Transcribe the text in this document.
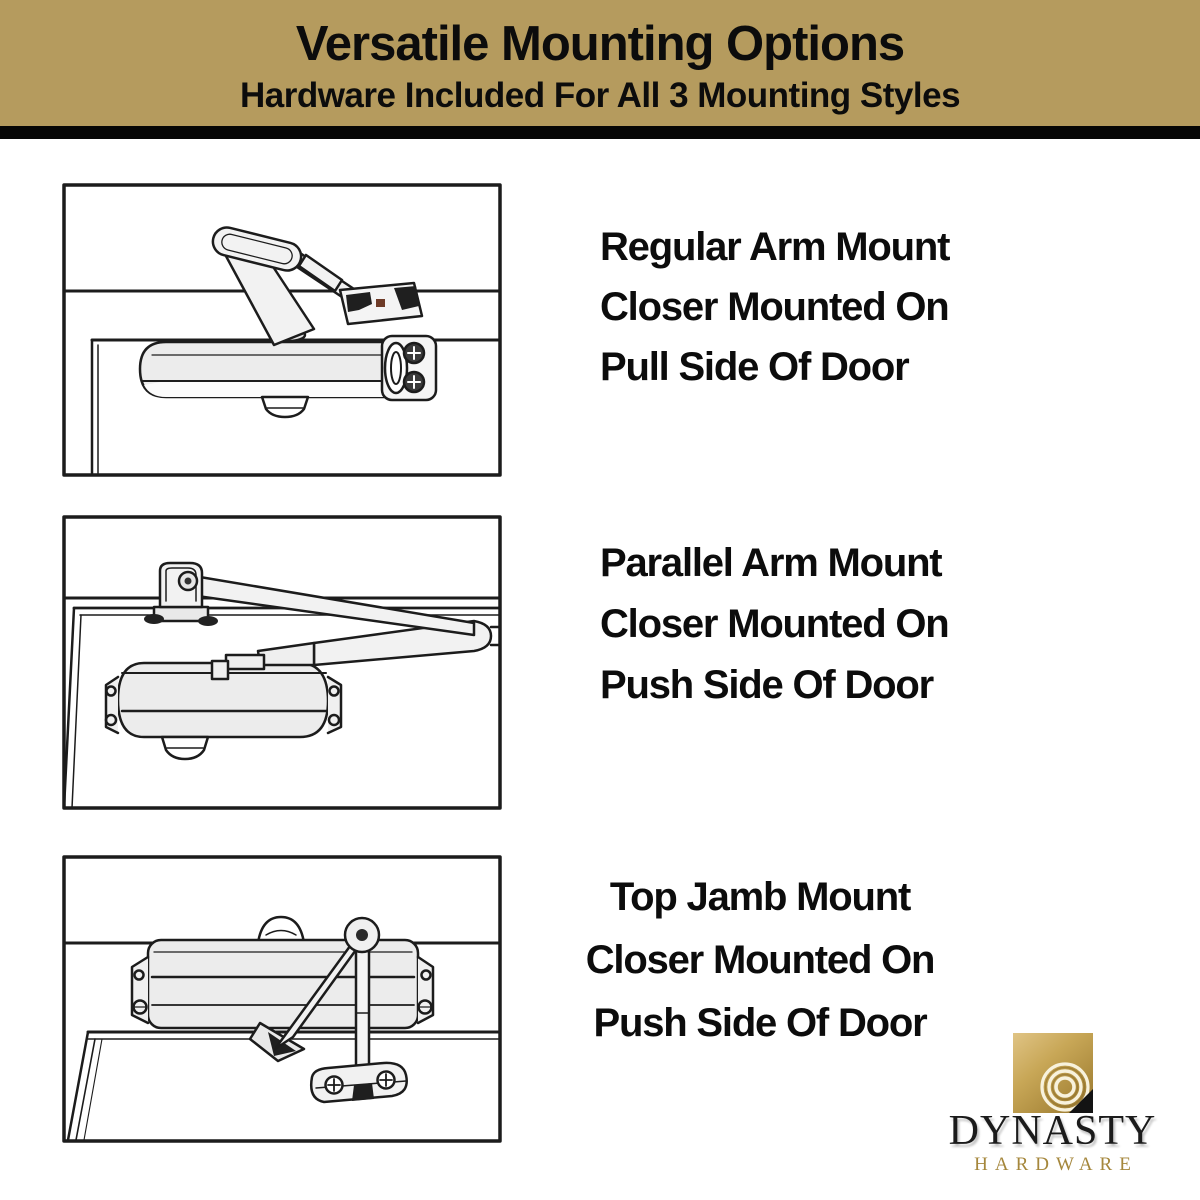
Versatile Mounting Options
Hardware Included For All 3 Mounting Styles
Regular Arm Mount
Closer Mounted On
Pull Side Of Door
Parallel Arm Mount
Closer Mounted On
Push Side Of Door
Top Jamb Mount
Closer Mounted On
Push Side Of Door
DYNASTY
HARDWARE
